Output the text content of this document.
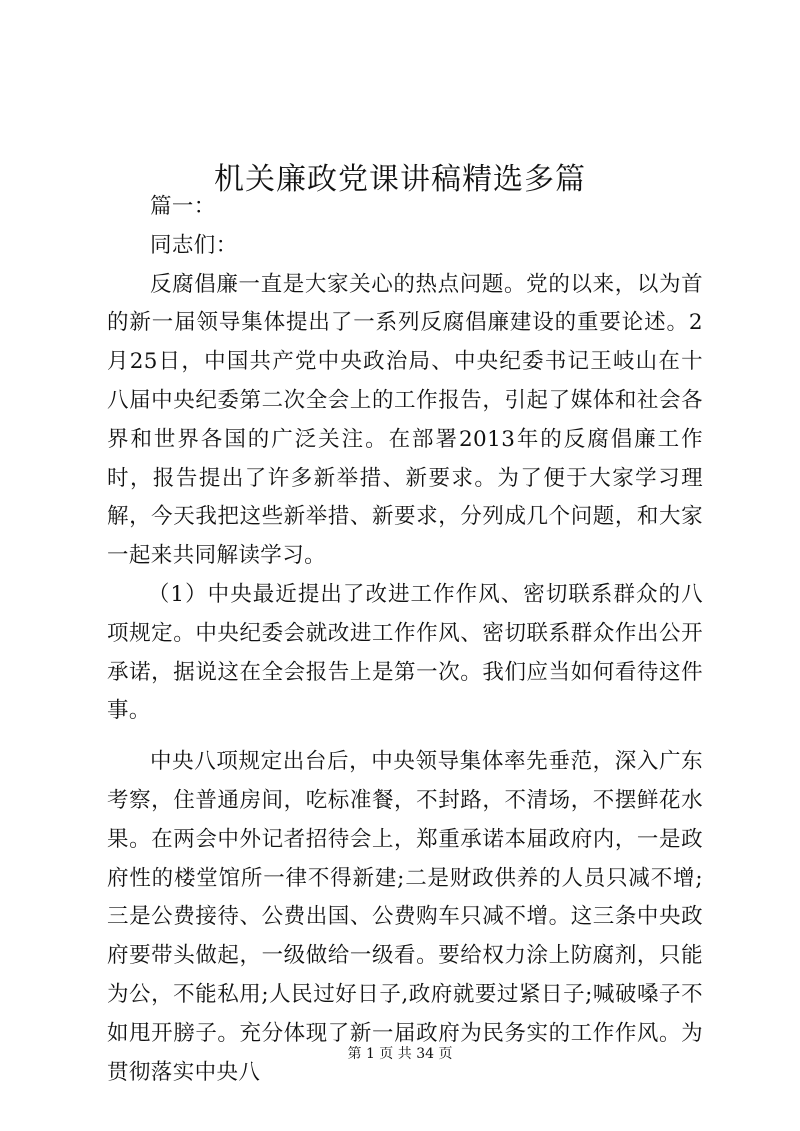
机关廉政党课讲稿精选多篇

篇一：

同志们：

反腐倡廉一直是大家关心的热点问题。党的以来，以为首的新一届领导集体提出了一系列反腐倡廉建设的重要论述。2月25日，中国共产党中央政治局、中央纪委书记王岐山在十八届中央纪委第二次全会上的工作报告，引起了媒体和社会各界和世界各国的广泛关注。在部署2013年的反腐倡廉工作时，报告提出了许多新举措、新要求。为了便于大家学习理解，今天我把这些新举措、新要求，分列成几个问题，和大家一起来共同解读学习。

（1）中央最近提出了改进工作作风、密切联系群众的八项规定。中央纪委会就改进工作作风、密切联系群众作出公开承诺，据说这在全会报告上是第一次。我们应当如何看待这件事。

中央八项规定出台后，中央领导集体率先垂范，深入广东考察，住普通房间，吃标准餐，不封路，不清场，不摆鲜花水果。在两会中外记者招待会上，郑重承诺本届政府内，一是政府性的楼堂馆所一律不得新建;二是财政供养的人员只减不增;三是公费接待、公费出国、公费购车只减不增。这三条中央政府要带头做起，一级做给一级看。要给权力涂上防腐剂，只能为公，不能私用;人民过好日子,政府就要过紧日子;喊破嗓子不如甩开膀子。充分体现了新一届政府为民务实的工作作风。为贯彻落实中央八

第 1 页 共 34 页
